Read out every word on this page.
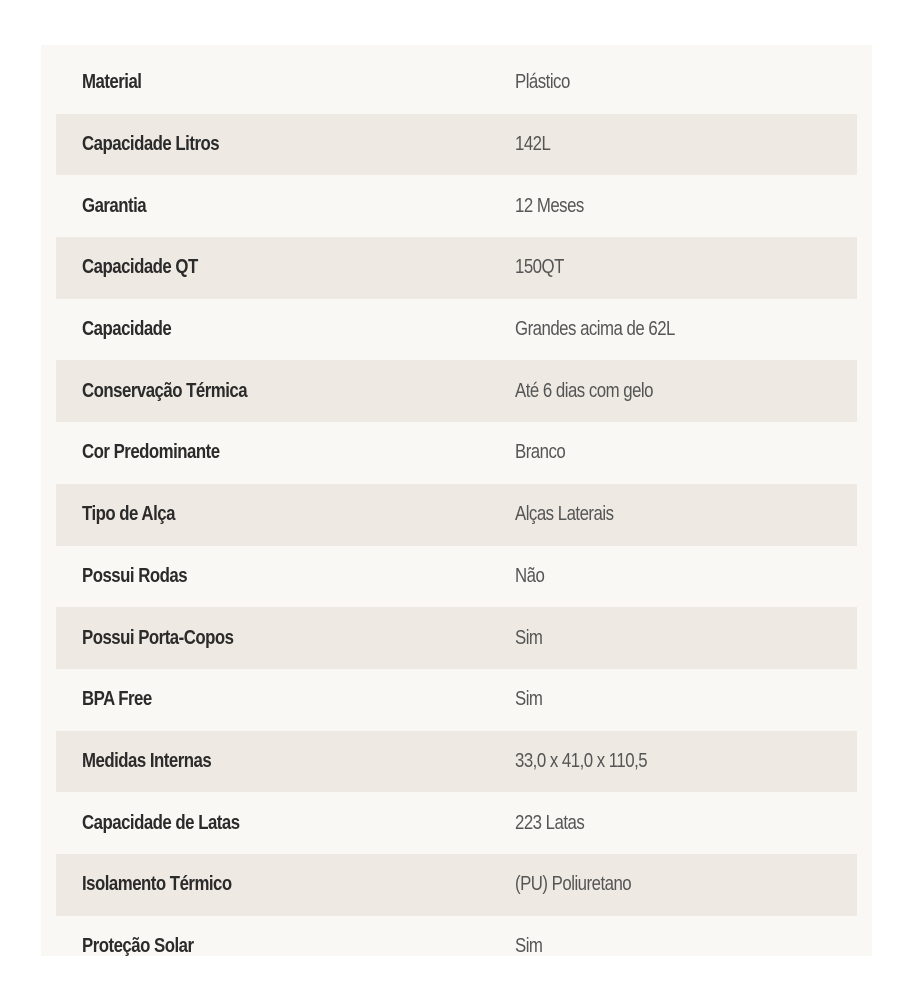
Material	Plástico
Capacidade Litros	142L
Garantia	12 Meses
Capacidade QT	150QT
Capacidade	Grandes acima de 62L
Conservação Térmica	Até 6 dias com gelo
Cor Predominante	Branco
Tipo de Alça	Alças Laterais
Possui Rodas	Não
Possui Porta-Copos	Sim
BPA Free	Sim
Medidas Internas	33,0 x 41,0 x 110,5
Capacidade de Latas	223 Latas
Isolamento Térmico	(PU) Poliuretano
Proteção Solar	Sim
